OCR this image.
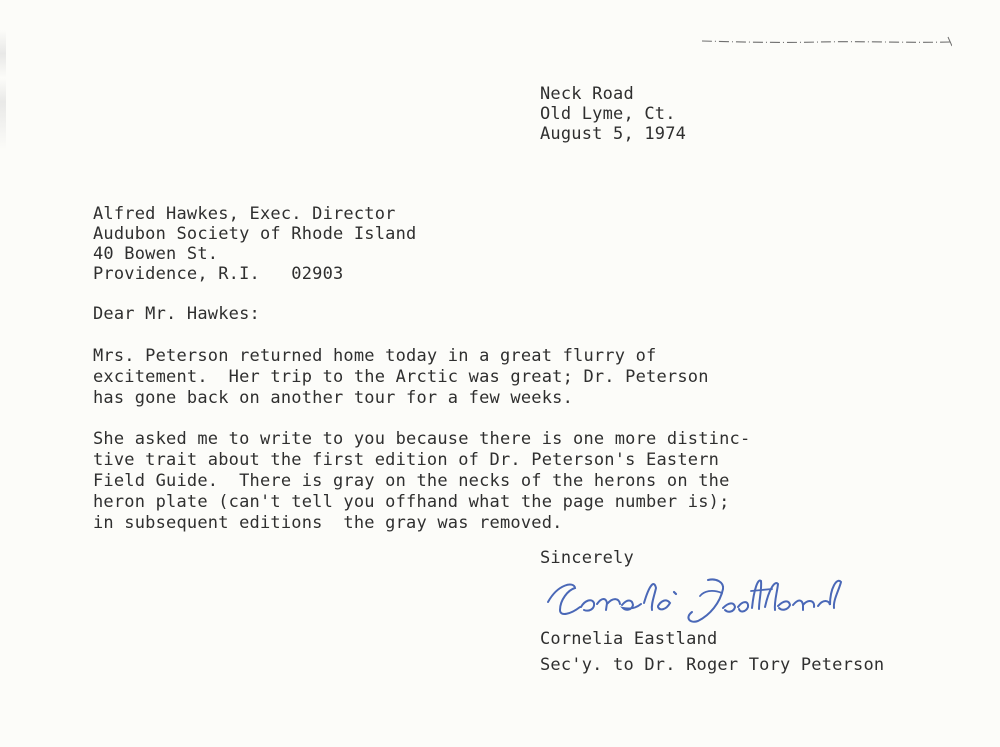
Neck Road
Old Lyme, Ct.
August 5, 1974
Alfred Hawkes, Exec. Director
Audubon Society of Rhode Island
40 Bowen St.
Providence, R.I.   02903
Dear Mr. Hawkes:
Mrs. Peterson returned home today in a great flurry of
excitement.  Her trip to the Arctic was great; Dr. Peterson
has gone back on another tour for a few weeks.
She asked me to write to you because there is one more distinc-
tive trait about the first edition of Dr. Peterson's Eastern
Field Guide.  There is gray on the necks of the herons on the
heron plate (can't tell you offhand what the page number is);
in subsequent editions  the gray was removed.
Sincerely
Cornelia Eastland
Sec'y. to Dr. Roger Tory Peterson
